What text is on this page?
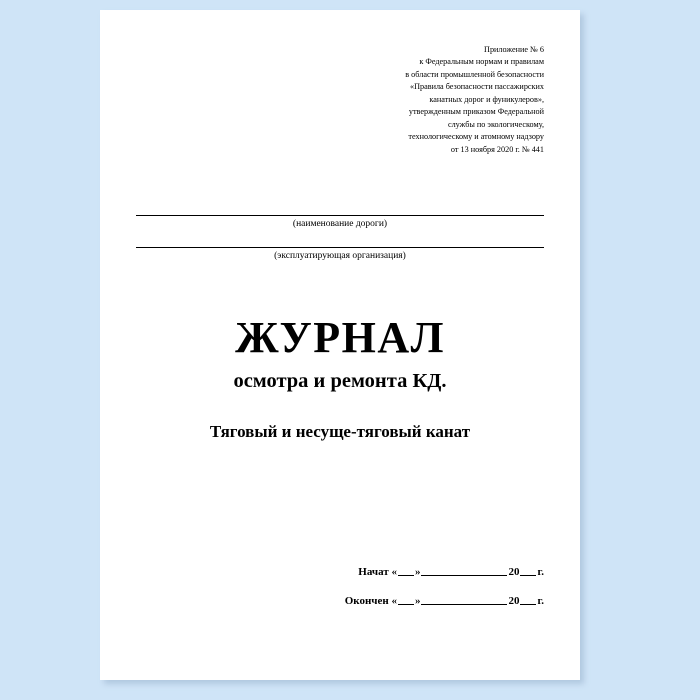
Приложение № 6
к Федеральным нормам и правилам
в области промышленной безопасности
«Правила безопасности пассажирских
канатных дорог и фуникулеров»,
утвержденным приказом Федеральной
службы по экологическому,
технологическому и атомному надзору
от 13 ноября 2020 г. № 441
(наименование дороги)
(эксплуатирующая организация)
ЖУРНАЛ
осмотра и ремонта КД.
Тяговый и несуще-тяговый канат
Начат « »	20 г.
Окончен « »	20 г.
